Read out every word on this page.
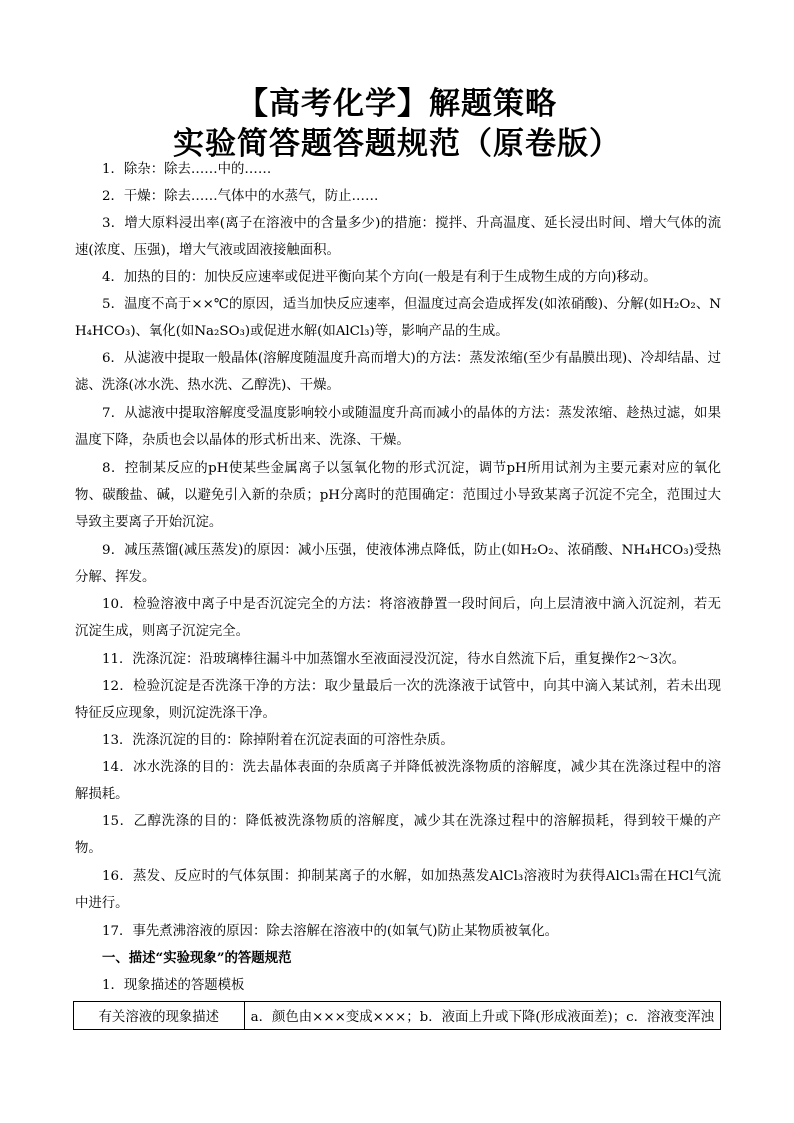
【高考化学】解题策略
实验简答题答题规范（原卷版）
1．除杂：除去……中的……
2．干燥：除去……气体中的水蒸气，防止……
3．增大原料浸出率(离子在溶液中的含量多少)的措施：搅拌、升高温度、延长浸出时间、增大气体的流速(浓度、压强)，增大气液或固液接触面积。
4．加热的目的：加快反应速率或促进平衡向某个方向(一般是有利于生成物生成的方向)移动。
5．温度不高于××℃的原因，适当加快反应速率，但温度过高会造成挥发(如浓硝酸)、分解(如H₂O₂、NH₄HCO₃)、氧化(如Na₂SO₃)或促进水解(如AlCl₃)等，影响产品的生成。
6．从滤液中提取一般晶体(溶解度随温度升高而增大)的方法：蒸发浓缩(至少有晶膜出现)、冷却结晶、过滤、洗涤(冰水洗、热水洗、乙醇洗)、干燥。
7．从滤液中提取溶解度受温度影响较小或随温度升高而减小的晶体的方法：蒸发浓缩、趁热过滤，如果温度下降，杂质也会以晶体的形式析出来、洗涤、干燥。
8．控制某反应的pH使某些金属离子以氢氧化物的形式沉淀，调节pH所用试剂为主要元素对应的氧化物、碳酸盐、碱，以避免引入新的杂质；pH分离时的范围确定：范围过小导致某离子沉淀不完全，范围过大导致主要离子开始沉淀。
9．减压蒸馏(减压蒸发)的原因：减小压强，使液体沸点降低，防止(如H₂O₂、浓硝酸、NH₄HCO₃)受热分解、挥发。
10．检验溶液中离子中是否沉淀完全的方法：将溶液静置一段时间后，向上层清液中滴入沉淀剂，若无沉淀生成，则离子沉淀完全。
11．洗涤沉淀：沿玻璃棒往漏斗中加蒸馏水至液面浸没沉淀，待水自然流下后，重复操作2～3次。
12．检验沉淀是否洗涤干净的方法：取少量最后一次的洗涤液于试管中，向其中滴入某试剂，若未出现特征反应现象，则沉淀洗涤干净。
13．洗涤沉淀的目的：除掉附着在沉淀表面的可溶性杂质。
14．冰水洗涤的目的：洗去晶体表面的杂质离子并降低被洗涤物质的溶解度，减少其在洗涤过程中的溶解损耗。
15．乙醇洗涤的目的：降低被洗涤物质的溶解度，减少其在洗涤过程中的溶解损耗，得到较干燥的产物。
16．蒸发、反应时的气体氛围：抑制某离子的水解，如加热蒸发AlCl₃溶液时为获得AlCl₃需在HCl气流中进行。
17．事先煮沸溶液的原因：除去溶解在溶液中的(如氧气)防止某物质被氧化。
一、描述“实验现象”的答题规范
1．现象描述的答题模板
有关溶液的现象描述	a．颜色由×××变成×××；b．液面上升或下降(形成液面差)；c．溶液变浑浊
